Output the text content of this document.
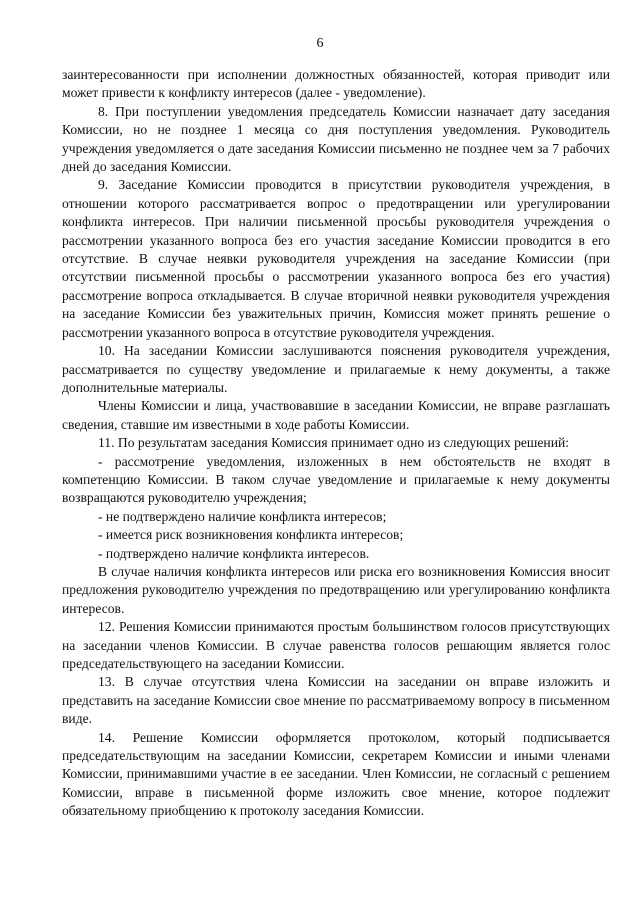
6

заинтересованности при исполнении должностных обязанностей, которая приводит или может привести к конфликту интересов (далее - уведомление).

8. При поступлении уведомления председатель Комиссии назначает дату заседания Комиссии, но не позднее 1 месяца со дня поступления уведомления. Руководитель учреждения уведомляется о дате заседания Комиссии письменно не позднее чем за 7 рабочих дней до заседания Комиссии.

9. Заседание Комиссии проводится в присутствии руководителя учреждения, в отношении которого рассматривается вопрос о предотвращении или урегулировании конфликта интересов. При наличии письменной просьбы руководителя учреждения о рассмотрении указанного вопроса без его участия заседание Комиссии проводится в его отсутствие. В случае неявки руководителя учреждения на заседание Комиссии (при отсутствии письменной просьбы о рассмотрении указанного вопроса без его участия) рассмотрение вопроса откладывается. В случае вторичной неявки руководителя учреждения на заседание Комиссии без уважительных причин, Комиссия может принять решение о рассмотрении указанного вопроса в отсутствие руководителя учреждения.

10. На заседании Комиссии заслушиваются пояснения руководителя учреждения, рассматривается по существу уведомление и прилагаемые к нему документы, а также дополнительные материалы.

Члены Комиссии и лица, участвовавшие в заседании Комиссии, не вправе разглашать сведения, ставшие им известными в ходе работы Комиссии.

11. По результатам заседания Комиссия принимает одно из следующих решений:

- рассмотрение уведомления, изложенных в нем обстоятельств не входят в компетенцию Комиссии. В таком случае уведомление и прилагаемые к нему документы возвращаются руководителю учреждения;

- не подтверждено наличие конфликта интересов;

- имеется риск возникновения конфликта интересов;

- подтверждено наличие конфликта интересов.

В случае наличия конфликта интересов или риска его возникновения Комиссия вносит предложения руководителю учреждения по предотвращению или урегулированию конфликта интересов.

12. Решения Комиссии принимаются простым большинством голосов присутствующих на заседании членов Комиссии. В случае равенства голосов решающим является голос председательствующего на заседании Комиссии.

13. В случае отсутствия члена Комиссии на заседании он вправе изложить и представить на заседание Комиссии свое мнение по рассматриваемому вопросу в письменном виде.

14. Решение Комиссии оформляется протоколом, который подписывается председательствующим на заседании Комиссии, секретарем Комиссии и иными членами Комиссии, принимавшими участие в ее заседании. Член Комиссии, не согласный с решением Комиссии, вправе в письменной форме изложить свое мнение, которое подлежит обязательному приобщению к протоколу заседания Комиссии.
